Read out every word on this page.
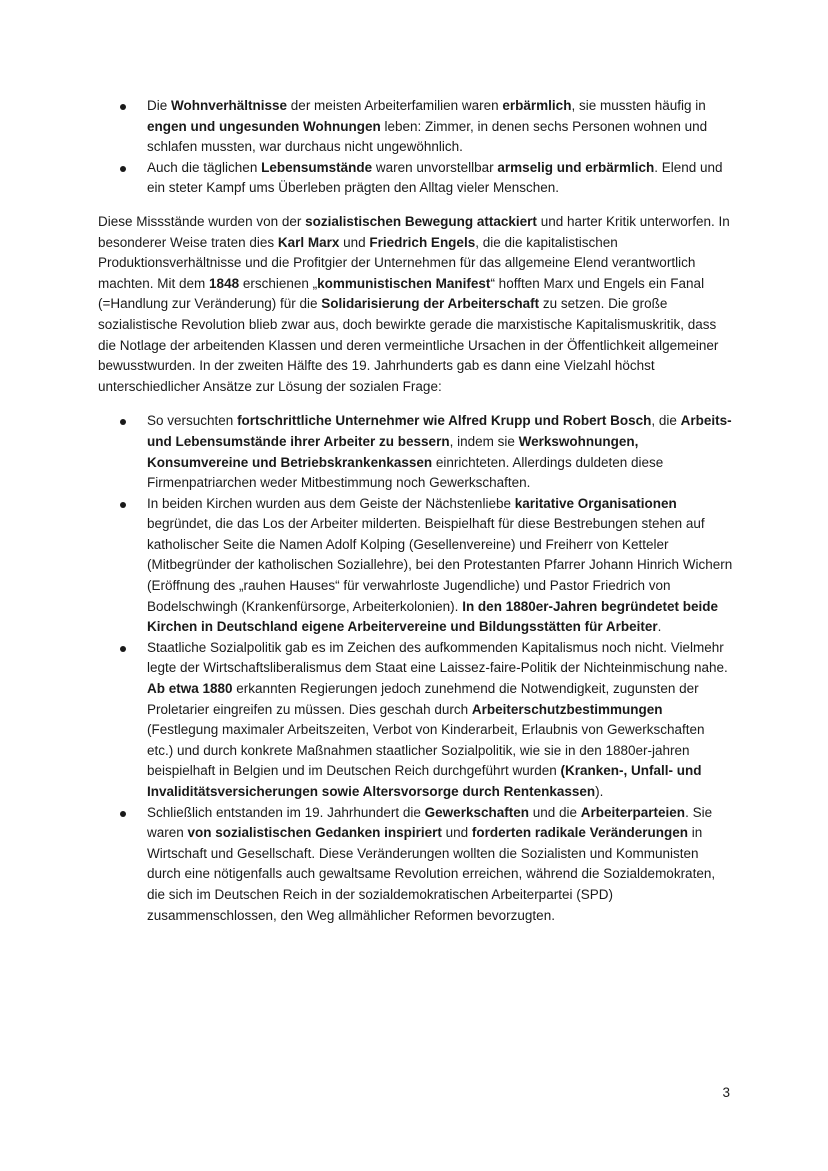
Die Wohnverhältnisse der meisten Arbeiterfamilien waren erbärmlich, sie mussten häufig in engen und ungesunden Wohnungen leben: Zimmer, in denen sechs Personen wohnen und schlafen mussten, war durchaus nicht ungewöhnlich.
Auch die täglichen Lebensumstände waren unvorstellbar armselig und erbärmlich. Elend und ein steter Kampf ums Überleben prägten den Alltag vieler Menschen.

Diese Missstände wurden von der sozialistischen Bewegung attackiert und harter Kritik unterworfen. In besonderer Weise traten dies Karl Marx und Friedrich Engels, die die kapitalistischen Produktionsverhältnisse und die Profitgier der Unternehmen für das allgemeine Elend verantwortlich machten. Mit dem 1848 erschienen „kommunistischen Manifest“ hofften Marx und Engels ein Fanal (=Handlung zur Veränderung) für die Solidarisierung der Arbeiterschaft zu setzen. Die große sozialistische Revolution blieb zwar aus, doch bewirkte gerade die marxistische Kapitalismuskritik, dass die Notlage der arbeitenden Klassen und deren vermeintliche Ursachen in der Öffentlichkeit allgemeiner bewusstwurden. In der zweiten Hälfte des 19. Jahrhunderts gab es dann eine Vielzahl höchst unterschiedlicher Ansätze zur Lösung der sozialen Frage:

So versuchten fortschrittliche Unternehmer wie Alfred Krupp und Robert Bosch, die Arbeits- und Lebensumstände ihrer Arbeiter zu bessern, indem sie Werkswohnungen, Konsumvereine und Betriebskrankenkassen einrichteten. Allerdings duldeten diese Firmenpatriarchen weder Mitbestimmung noch Gewerkschaften.
In beiden Kirchen wurden aus dem Geiste der Nächstenliebe karitative Organisationen begründet, die das Los der Arbeiter milderten. Beispielhaft für diese Bestrebungen stehen auf katholischer Seite die Namen Adolf Kolping (Gesellenvereine) und Freiherr von Ketteler (Mitbegründer der katholischen Soziallehre), bei den Protestanten Pfarrer Johann Hinrich Wichern (Eröffnung des „rauhen Hauses“ für verwahrloste Jugendliche) und Pastor Friedrich von Bodelschwingh (Krankenfürsorge, Arbeiterkolonien). In den 1880er-Jahren begründetet beide Kirchen in Deutschland eigene Arbeitervereine und Bildungsstätten für Arbeiter.
Staatliche Sozialpolitik gab es im Zeichen des aufkommenden Kapitalismus noch nicht. Vielmehr legte der Wirtschaftsliberalismus dem Staat eine Laissez-faire-Politik der Nichteinmischung nahe. Ab etwa 1880 erkannten Regierungen jedoch zunehmend die Notwendigkeit, zugunsten der Proletarier eingreifen zu müssen. Dies geschah durch Arbeiterschutzbestimmungen (Festlegung maximaler Arbeitszeiten, Verbot von Kinderarbeit, Erlaubnis von Gewerkschaften etc.) und durch konkrete Maßnahmen staatlicher Sozialpolitik, wie sie in den 1880er-jahren beispielhaft in Belgien und im Deutschen Reich durchgeführt wurden (Kranken-, Unfall- und Invaliditätsversicherungen sowie Altersvorsorge durch Rentenkassen).
Schließlich entstanden im 19. Jahrhundert die Gewerkschaften und die Arbeiterparteien. Sie waren von sozialistischen Gedanken inspiriert und forderten radikale Veränderungen in Wirtschaft und Gesellschaft. Diese Veränderungen wollten die Sozialisten und Kommunisten durch eine nötigenfalls auch gewaltsame Revolution erreichen, während die Sozialdemokraten, die sich im Deutschen Reich in der sozialdemokratischen Arbeiterpartei (SPD) zusammenschlossen, den Weg allmählicher Reformen bevorzugten.
3
